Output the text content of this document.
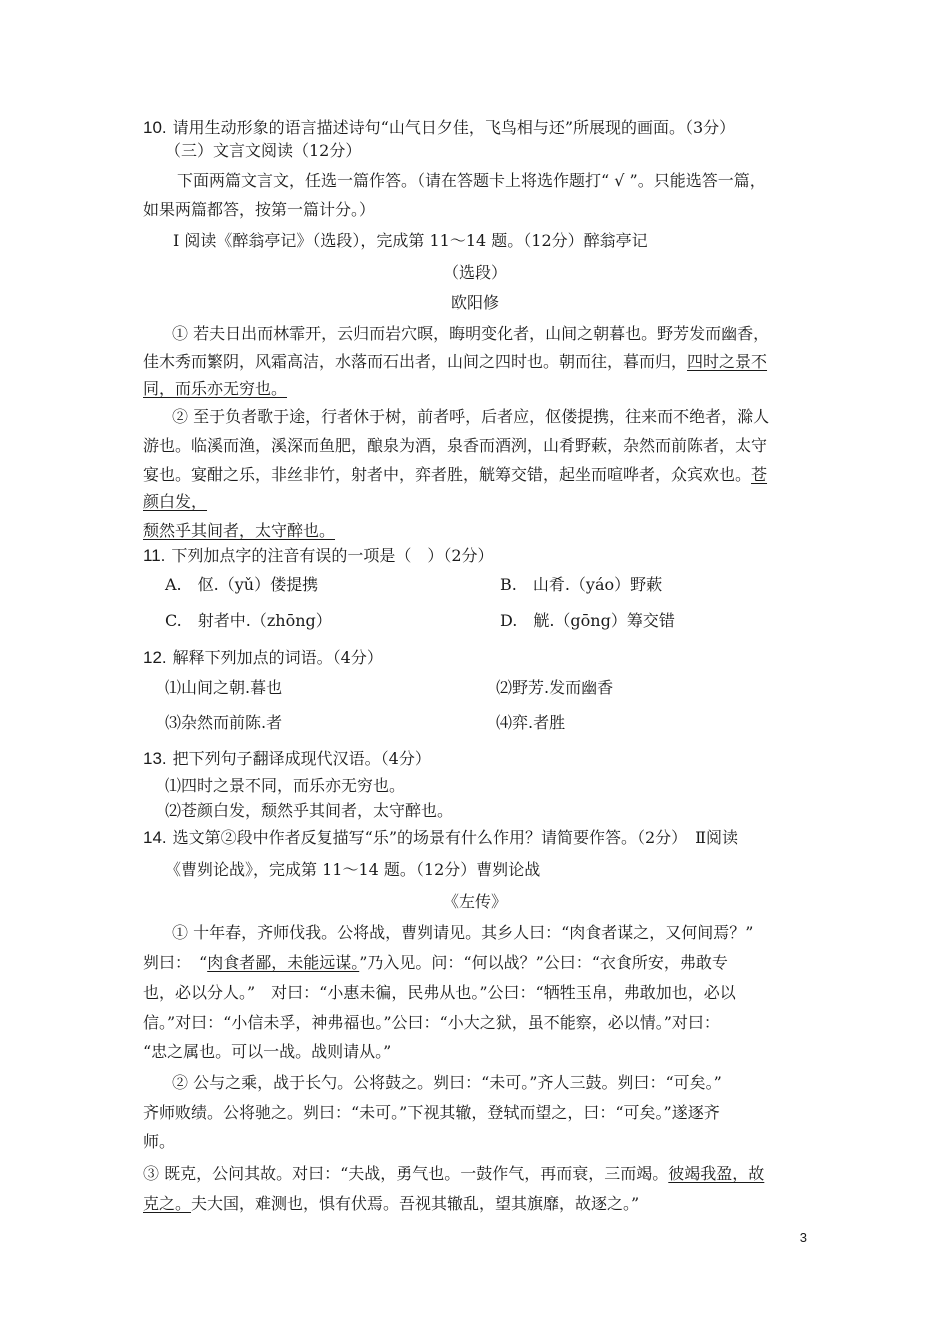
10. 请用生动形象的语言描述诗句“山气日夕佳，飞鸟相与还”所展现的画面。（3分）
（三）文言文阅读（12分）
下面两篇文言文，任选一篇作答。（请在答题卡上将选作题打“ √ ”。只能选答一篇，
如果两篇都答，按第一篇计分。）
Ⅰ 阅读《醉翁亭记》（选段），完成第 11～14 题。（12分）醉翁亭记
（选段）
欧阳修
① 若夫日出而林霏开，云归而岩穴暝，晦明变化者，山间之朝暮也。野芳发而幽香，
佳木秀而繁阴，风霜高洁，水落而石出者，山间之四时也。朝而往，暮而归，四时之景不
同，而乐亦无穷也。
② 至于负者歌于途，行者休于树，前者呼，后者应，伛偻提携，往来而不绝者，滁人
游也。临溪而渔，溪深而鱼肥，酿泉为酒，泉香而酒洌，山肴野蔌，杂然而前陈者，太守
宴也。宴酣之乐，非丝非竹，射者中，弈者胜，觥筹交错，起坐而喧哗者，众宾欢也。苍
颜白发，
颓然乎其间者，太守醉也。
11. 下列加点字的注音有误的一项是（　）（2分）
A.　伛.（yǔ）偻提携	B.　山肴.（yáo）野蔌
C.　射者中.（zhōng）	D.　觥.（gōng）筹交错
12. 解释下列加点的词语。（4分）
⑴山间之朝.暮也	⑵野芳.发而幽香
⑶杂然而前陈.者	⑷弈.者胜
13. 把下列句子翻译成现代汉语。（4分）
⑴四时之景不同，而乐亦无穷也。
⑵苍颜白发，颓然乎其间者，太守醉也。
14. 选文第②段中作者反复描写“乐”的场景有什么作用？请简要作答。（2分）　Ⅱ阅读
《曹刿论战》，完成第 11～14 题。（12分）曹刿论战
《左传》
① 十年春，齐师伐我。公将战，曹刿请见。其乡人曰：“肉食者谋之，又何间焉？”
刿曰：　“肉食者鄙，未能远谋。”乃入见。问：“何以战？”公曰：“衣食所安，弗敢专
也，必以分人。”　对曰：“小惠未徧，民弗从也。”公曰：“牺牲玉帛，弗敢加也，必以
信。”对曰：“小信未孚，神弗福也。”公曰：“小大之狱，虽不能察，必以情。”对曰：
“忠之属也。可以一战。战则请从。”
② 公与之乘，战于长勺。公将鼓之。刿曰：“未可。”齐人三鼓。刿曰：“可矣。”
齐师败绩。公将驰之。刿曰：“未可。”下视其辙，登轼而望之，曰：“可矣。”遂逐齐
师。
③ 既克，公问其故。对曰：“夫战，勇气也。一鼓作气，再而衰，三而竭。彼竭我盈，故
克之。夫大国，难测也，惧有伏焉。吾视其辙乱，望其旗靡，故逐之。”
3
